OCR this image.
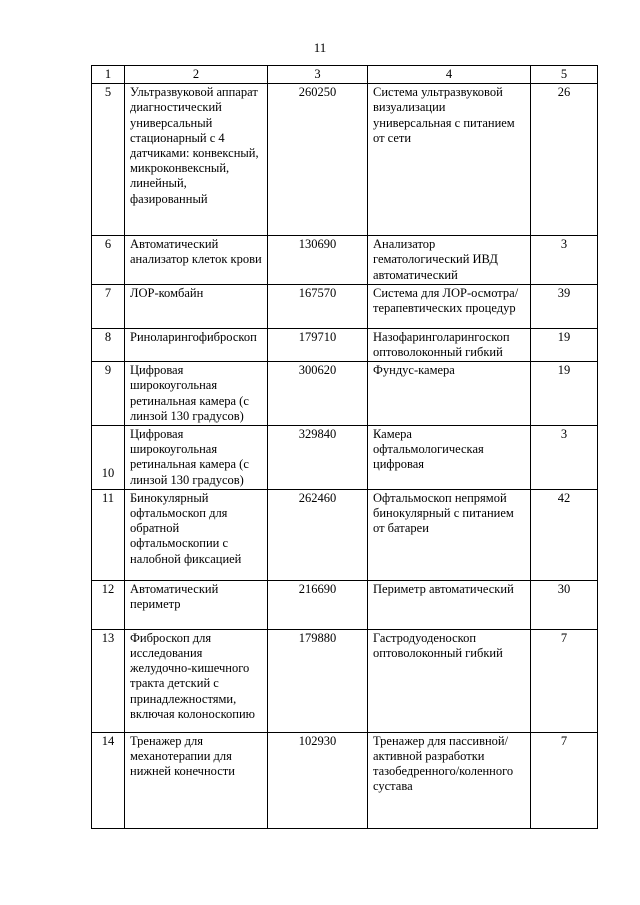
11
1	2	3	4	5
5	Ультразвуковой аппарат диагностический универсальный стационарный с 4 датчиками: конвексный, микроконвексный, линейный, фазированный	260250	Система ультразвуковой визуализации универсальная с питанием от сети	26
6	Автоматический анализатор клеток крови	130690	Анализатор гематологический ИВД автоматический	3
7	ЛОР-комбайн	167570	Система для ЛОР-осмотра/терапевтических процедур	39
8	Риноларингофиброскоп	179710	Назофаринголарингоскоп оптоволоконный гибкий	19
9	Цифровая широкоугольная ретинальная камера (с линзой 130 градусов)	300620	Фундус-камера	19
10	Цифровая широкоугольная ретинальная камера (с линзой 130 градусов)	329840	Камера офтальмологическая цифровая	3
11	Бинокулярный офтальмоскоп для обратной офтальмоскопии с налобной фиксацией	262460	Офтальмоскоп непрямой бинокулярный с питанием от батареи	42
12	Автоматический периметр	216690	Периметр автоматический	30
13	Фиброскоп для исследования желудочно-кишечного тракта детский с принадлежностями, включая колоноскопию	179880	Гастродуоденоскоп оптоволоконный гибкий	7
14	Тренажер для механотерапии для нижней конечности	102930	Тренажер для пассивной/активной разработки тазобедренного/коленного сустава	7
